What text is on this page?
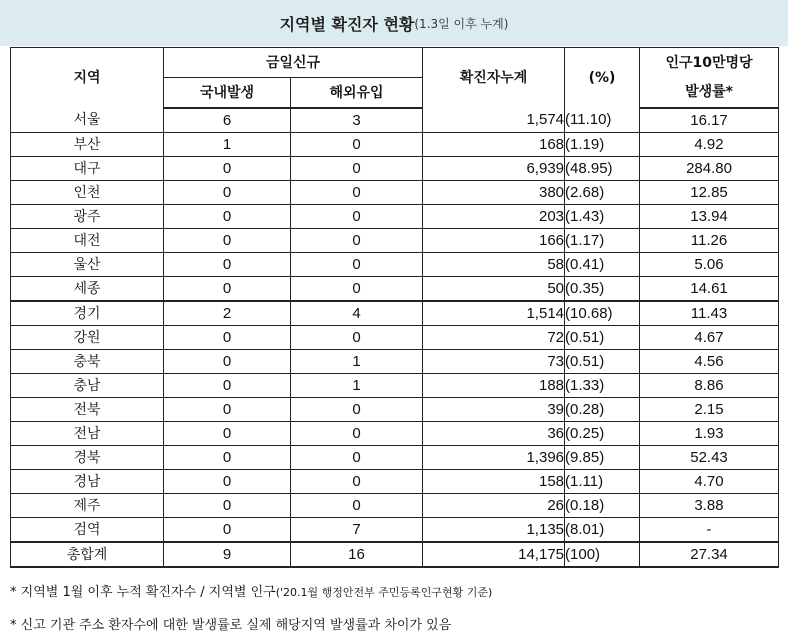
지역별 확진자 현황 (1.3일 이후 누계)
지역	금일신규		확진자누계	(%)	인구10만명당
	국내발생	해외유입			발생률*
서울	6	3	1,574	(11.10)	16.17
부산	1	0	168	(1.19)	4.92
대구	0	0	6,939	(48.95)	284.80
인천	0	0	380	(2.68)	12.85
광주	0	0	203	(1.43)	13.94
대전	0	0	166	(1.17)	11.26
울산	0	0	58	(0.41)	5.06
세종	0	0	50	(0.35)	14.61
경기	2	4	1,514	(10.68)	11.43
강원	0	0	72	(0.51)	4.67
충북	0	1	73	(0.51)	4.56
충남	0	1	188	(1.33)	8.86
전북	0	0	39	(0.28)	2.15
전남	0	0	36	(0.25)	1.93
경북	0	0	1,396	(9.85)	52.43
경남	0	0	158	(1.11)	4.70
제주	0	0	26	(0.18)	3.88
검역	0	7	1,135	(8.01)	-
총합계	9	16	14,175	(100)	27.34
* 지역별 1월 이후 누적 확진자수 / 지역별 인구('20.1월 행정안전부 주민등록인구현황 기준)
* 신고 기관 주소 환자수에 대한 발생률로 실제 해당지역 발생률과 차이가 있음
